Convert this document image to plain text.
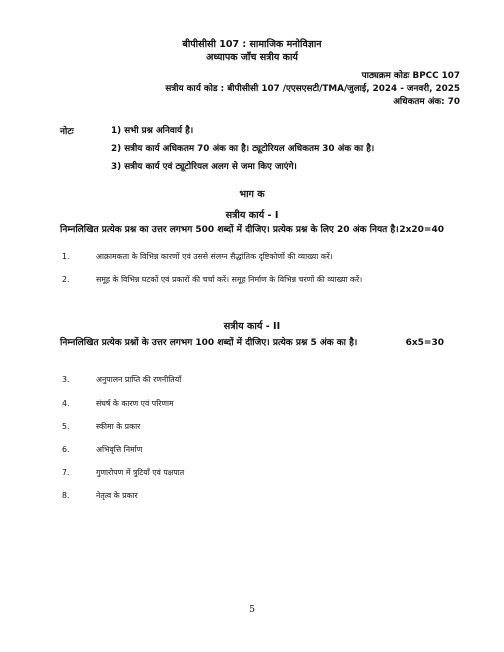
बीपीसीसी 107 : सामाजिक मनोविज्ञान
अध्यापक जाँच सत्रीय कार्य
पाठ्यक्रम कोडः BPCC 107
सत्रीय कार्य कोड : बीपीसीसी 107 /एएसएसटी/TMA/जुलाई, 2024 - जनवरी, 2025
अधिकतम अंक: 70
नोटः	1) सभी प्रश्न अनिवार्य है।
2) सत्रीय कार्य अधिकतम 70 अंक का है। ट्यूटोरियल अधिकतम 30 अंक का है।
3) सत्रीय कार्य एवं ट्यूटोरियल अलग से जमा किए जाएंगे।
भाग क
सत्रीय कार्य - I
निम्नलिखित प्रत्येक प्रश्न का उत्तर लगभग 500 शब्दों में दीजिए। प्रत्येक प्रश्न के लिए 20 अंक नियत है। 2x20=40
1.	आक्रामकता के विभिन्न कारणों एवं उससे संलग्न सैद्धांतिक दृष्टिकोणों की व्याख्या करें।
2.	समूह के विभिन्न घटकों एवं प्रकारों की चर्चा करें। समूह निर्माण के विभिन्न चरणों की व्याख्या करें।
सत्रीय कार्य - II
निम्नलिखित प्रत्येक प्रश्नों के उत्तर लगभग 100 शब्दों में दीजिए। प्रत्येक प्रश्न 5 अंक का है।	6x5=30
3.	अनुपालन प्राप्ति की रणनीतियाँ
4.	संघर्ष के कारण एवं परिणाम
5.	स्कीमा के प्रकार
6.	अभिवृत्ति निर्माण
7.	गुणारोपण में त्रुटियाँ एवं पक्षपात
8.	नेतृत्व के प्रकार
5
